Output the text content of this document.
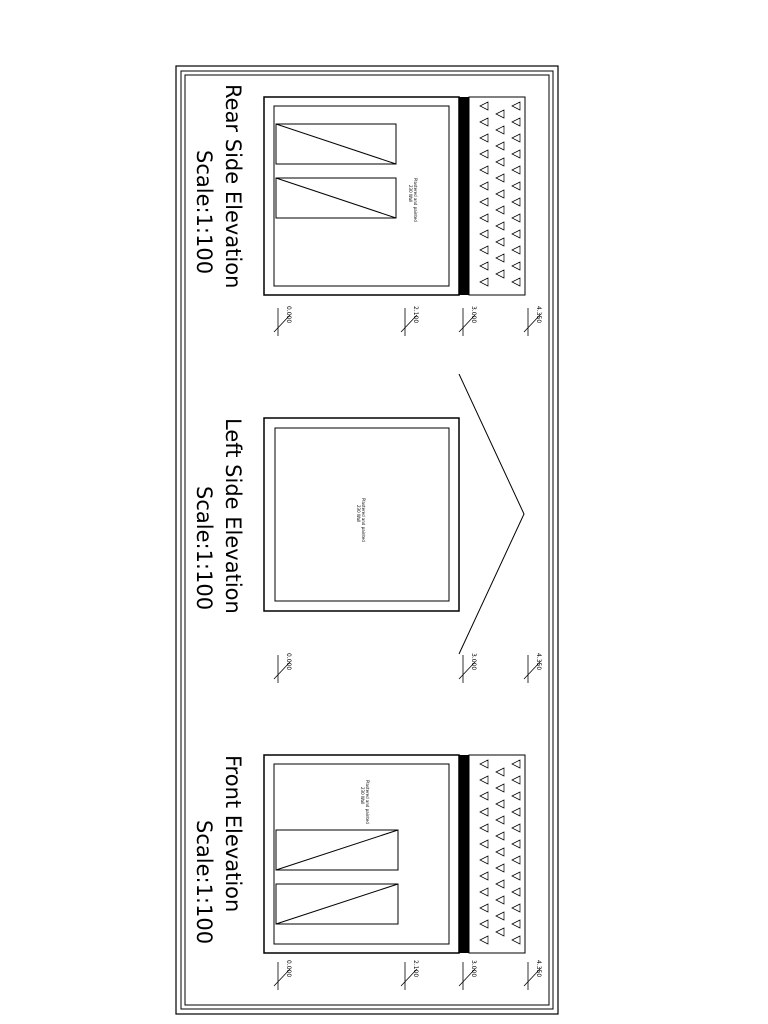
Plastered and painted
230 Wall
0.000	2.100	3.000	4.350
Rear Side Elevation
Scale:1:100
Plastered and painted
230 Wall
0.000	3.000	4.350
Left Side Elevation
Scale:1:100
Plastered and painted
230 Wall
0.000	2.100	3.000	4.350
Front Elevation
Scale:1:100
